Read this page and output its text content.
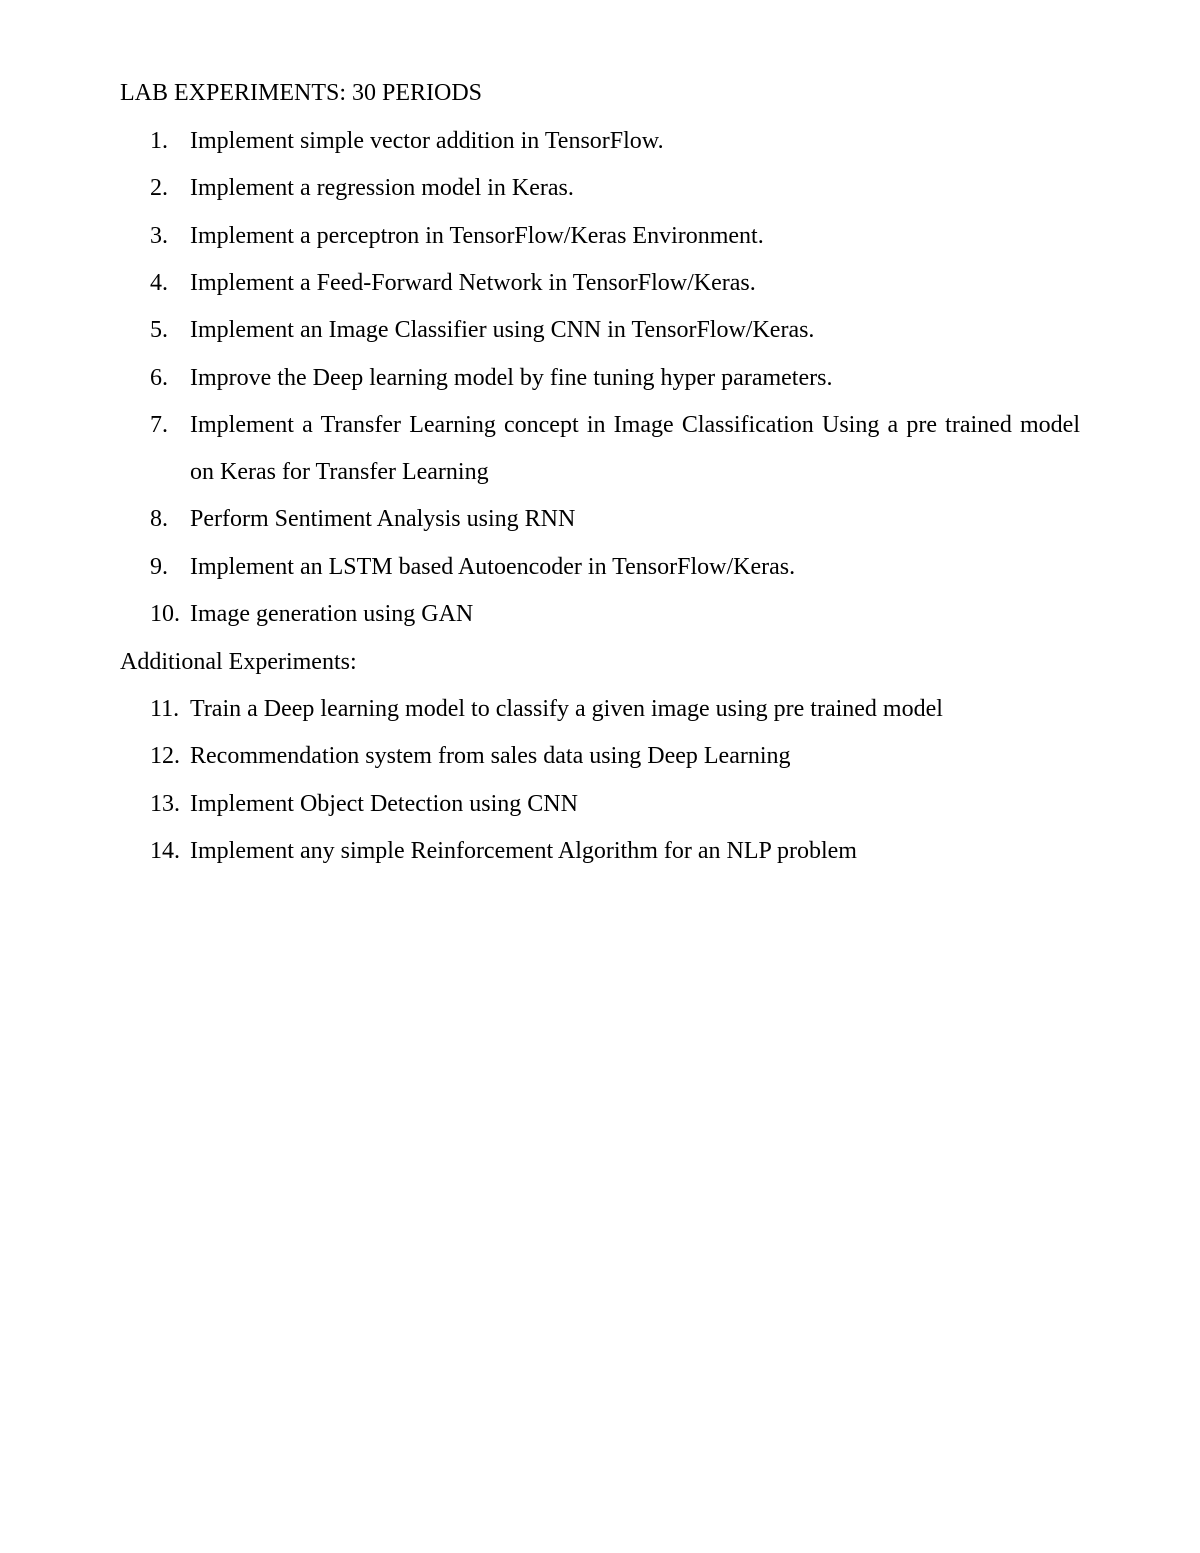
LAB EXPERIMENTS: 30 PERIODS
1. Implement simple vector addition in TensorFlow.
2. Implement a regression model in Keras.
3. Implement a perceptron in TensorFlow/Keras Environment.
4. Implement a Feed-Forward Network in TensorFlow/Keras.
5. Implement an Image Classifier using CNN in TensorFlow/Keras.
6. Improve the Deep learning model by fine tuning hyper parameters.
7. Implement a Transfer Learning concept in Image Classification Using a pre trained model on Keras for Transfer Learning
8. Perform Sentiment Analysis using RNN
9. Implement an LSTM based Autoencoder in TensorFlow/Keras.
10. Image generation using GAN
Additional Experiments:
11. Train a Deep learning model to classify a given image using pre trained model
12. Recommendation system from sales data using Deep Learning
13. Implement Object Detection using CNN
14. Implement any simple Reinforcement Algorithm for an NLP problem
